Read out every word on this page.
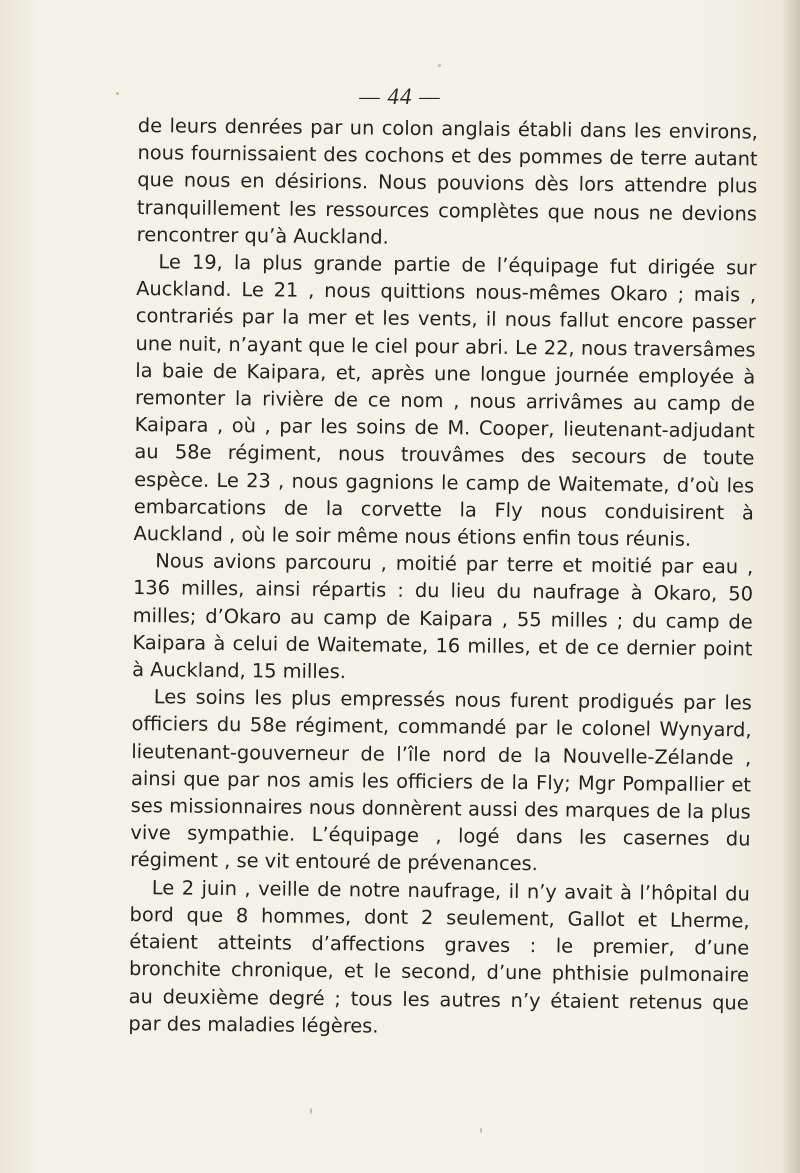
— 44 —

de leurs denrées par un colon anglais établi dans les environs, nous fournissaient des cochons et des pommes de terre autant que nous en désirions. Nous pouvions dès lors attendre plus tranquillement les ressources complètes que nous ne devions rencontrer qu’à Auckland.

Le 19, la plus grande partie de l’équipage fut dirigée sur Auckland. Le 21 , nous quittions nous-mêmes Okaro ; mais , contrariés par la mer et les vents, il nous fallut encore passer une nuit, n’ayant que le ciel pour abri. Le 22, nous traversâmes la baie de Kaipara, et, après une longue journée employée à remonter la rivière de ce nom , nous arrivâmes au camp de Kaipara , où , par les soins de M. Cooper, lieutenant-adjudant au 58e régiment, nous trouvâmes des secours de toute espèce. Le 23 , nous gagnions le camp de Waitemate, d’où les embarcations de la corvette la Fly nous conduisirent à Auckland , où le soir même nous étions enfin tous réunis.

Nous avions parcouru , moitié par terre et moitié par eau , 136 milles, ainsi répartis : du lieu du naufrage à Okaro, 50 milles; d’Okaro au camp de Kaipara , 55 milles ; du camp de Kaipara à celui de Waitemate, 16 milles, et de ce dernier point à Auckland, 15 milles.

Les soins les plus empressés nous furent prodigués par les officiers du 58e régiment, commandé par le colonel Wynyard, lieutenant-gouverneur de l’île nord de la Nouvelle-Zélande , ainsi que par nos amis les officiers de la Fly; Mgr Pompallier et ses missionnaires nous donnèrent aussi des marques de la plus vive sympathie. L’équipage , logé dans les casernes du régiment , se vit entouré de prévenances.

Le 2 juin , veille de notre naufrage, il n’y avait à l’hôpital du bord que 8 hommes, dont 2 seulement, Gallot et Lherme, étaient atteints d’affections graves : le premier, d’une bronchite chronique, et le second, d’une phthisie pulmonaire au deuxième degré ; tous les autres n’y étaient retenus que par des maladies légères.
